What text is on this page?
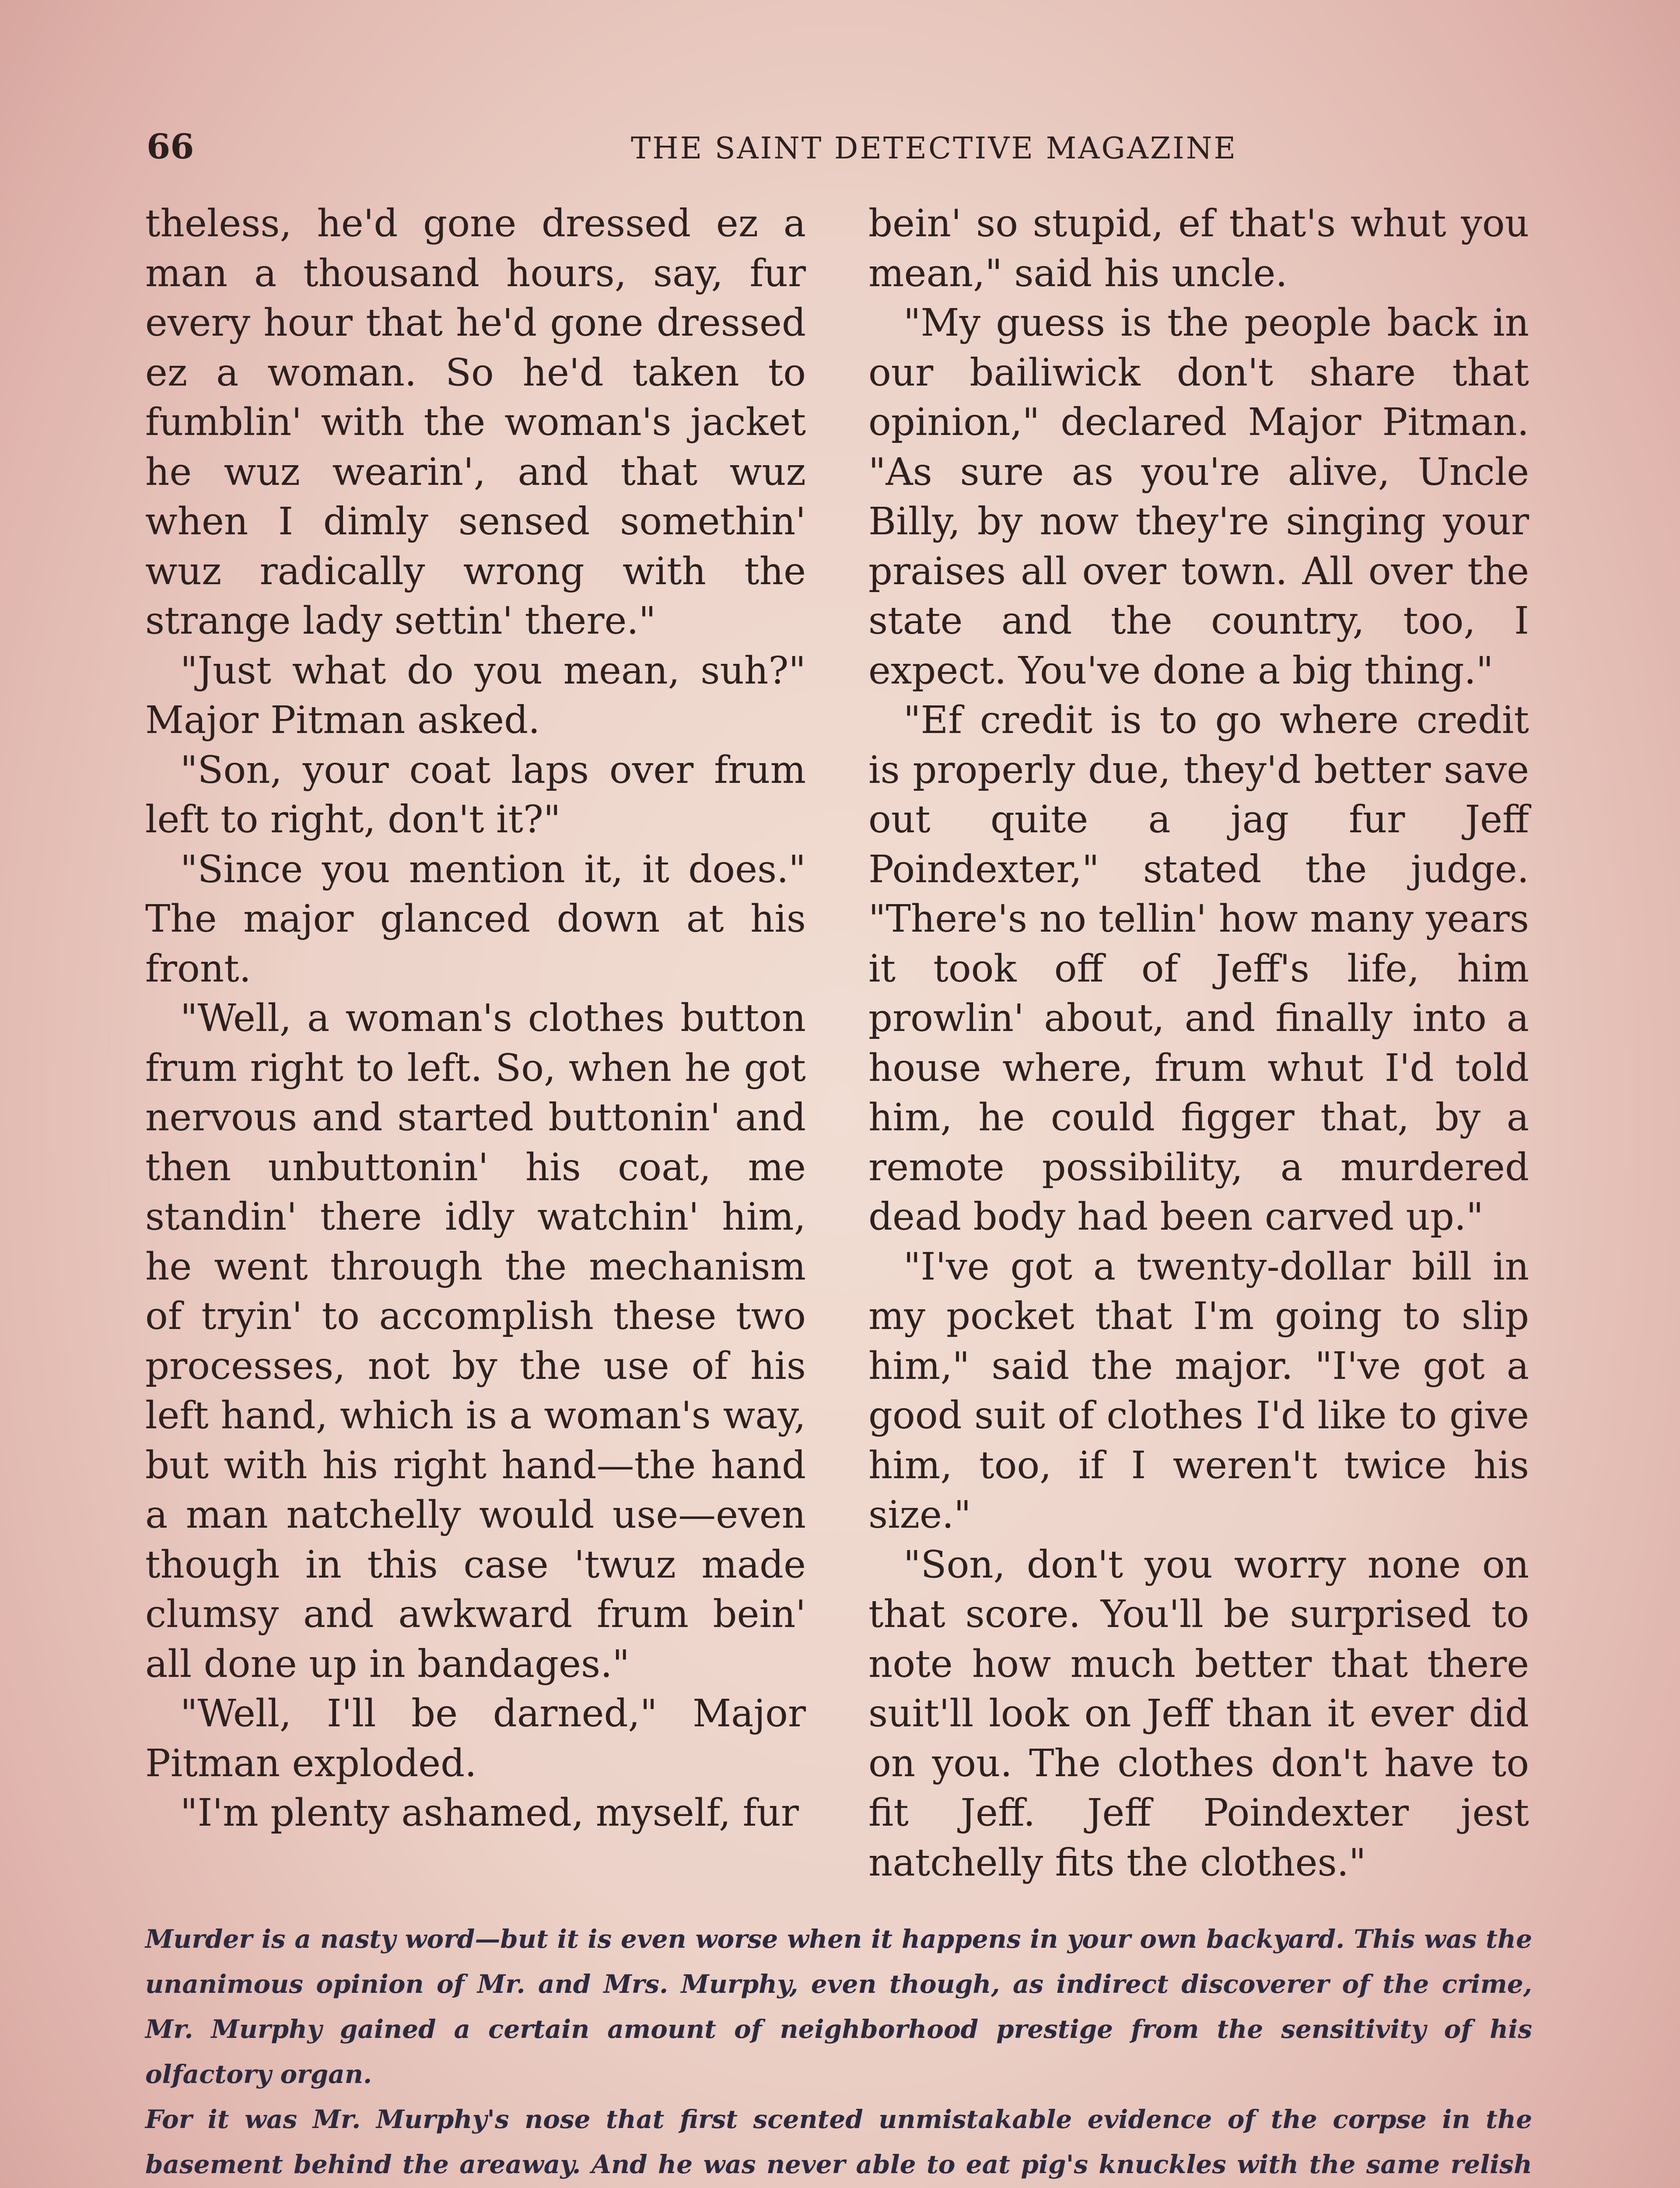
66	THE SAINT DETECTIVE MAGAZINE

theless, he'd gone dressed ez a man a thousand hours, say, fur every hour that he'd gone dressed ez a woman. So he'd taken to fumblin' with the woman's jacket he wuz wearin', and that wuz when I dimly sensed somethin' wuz radically wrong with the strange lady settin' there."

"Just what do you mean, suh?" Major Pitman asked.

"Son, your coat laps over frum left to right, don't it?"

"Since you mention it, it does." The major glanced down at his front.

"Well, a woman's clothes button frum right to left. So, when he got nervous and started buttonin' and then unbuttonin' his coat, me standin' there idly watchin' him, he went through the mechanism of tryin' to accomplish these two processes, not by the use of his left hand, which is a woman's way, but with his right hand—the hand a man natchelly would use—even though in this case 'twuz made clumsy and awkward frum bein' all done up in bandages."

"Well, I'll be darned," Major Pitman exploded.

"I'm plenty ashamed, myself, fur

bein' so stupid, ef that's whut you mean," said his uncle.

"My guess is the people back in our bailiwick don't share that opinion," declared Major Pitman. "As sure as you're alive, Uncle Billy, by now they're singing your praises all over town. All over the state and the country, too, I expect. You've done a big thing."

"Ef credit is to go where credit is properly due, they'd better save out quite a jag fur Jeff Poindexter," stated the judge. "There's no tellin' how many years it took off of Jeff's life, him prowlin' about, and finally into a house where, frum whut I'd told him, he could figger that, by a remote possibility, a murdered dead body had been carved up."

"I've got a twenty-dollar bill in my pocket that I'm going to slip him," said the major. "I've got a good suit of clothes I'd like to give him, too, if I weren't twice his size."

"Son, don't you worry none on that score. You'll be surprised to note how much better that there suit'll look on Jeff than it ever did on you. The clothes don't have to fit Jeff. Jeff Poindexter jest natchelly fits the clothes."

Murder is a nasty word—but it is even worse when it happens in your own backyard. This was the unanimous opinion of Mr. and Mrs. Murphy, even though, as indirect discoverer of the crime, Mr. Murphy gained a certain amount of neighborhood prestige from the sensitivity of his olfactory organ.

For it was Mr. Murphy's nose that first scented unmistakable evidence of the corpse in the basement behind the areaway. And he was never able to eat pig's knuckles with the same relish
